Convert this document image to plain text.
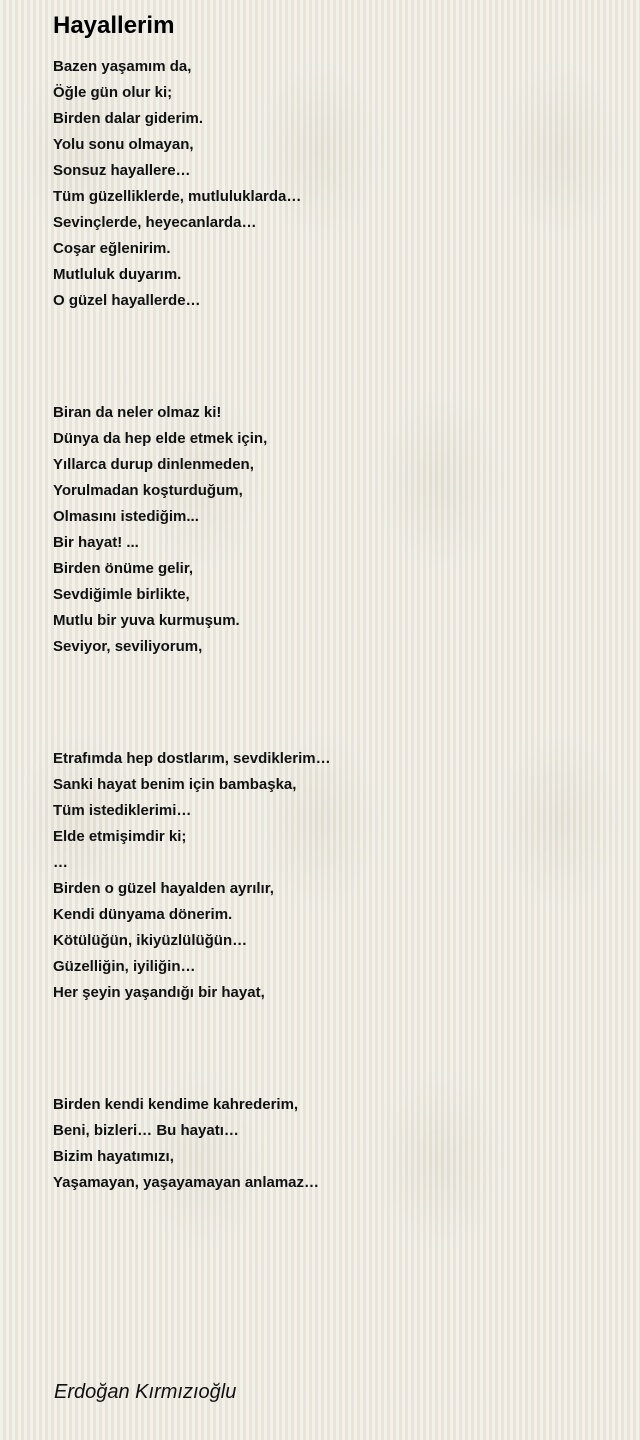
Hayallerim
Bazen yaşamım da,
Öğle gün olur ki;
Birden dalar giderim.
Yolu sonu olmayan,
Sonsuz hayallere…
Tüm güzelliklerde, mutluluklarda…
Sevinçlerde, heyecanlarda…
Coşar eğlenirim.
Mutluluk duyarım.
O güzel hayallerde…
Biran da neler olmaz ki!
Dünya da hep elde etmek için,
Yıllarca durup dinlenmeden,
Yorulmadan koşturduğum,
Olmasını istediğim...
Bir hayat! ...
Birden önüme gelir,
Sevdiğimle birlikte,
Mutlu bir yuva kurmuşum.
Seviyor, seviliyorum,
Etrafımda hep dostlarım, sevdiklerim…
Sanki hayat benim için bambaşka,
Tüm istediklerimi…
Elde etmişimdir ki;
…
Birden o güzel hayalden ayrılır,
Kendi dünyama dönerim.
Kötülüğün, ikiyüzlülüğün…
Güzelliğin, iyiliğin…
Her şeyin yaşandığı bir hayat,
Birden kendi kendime kahrederim,
Beni, bizleri… Bu hayatı…
Bizim hayatımızı,
Yaşamayan, yaşayamayan anlamaz…
Erdoğan Kırmızıoğlu
